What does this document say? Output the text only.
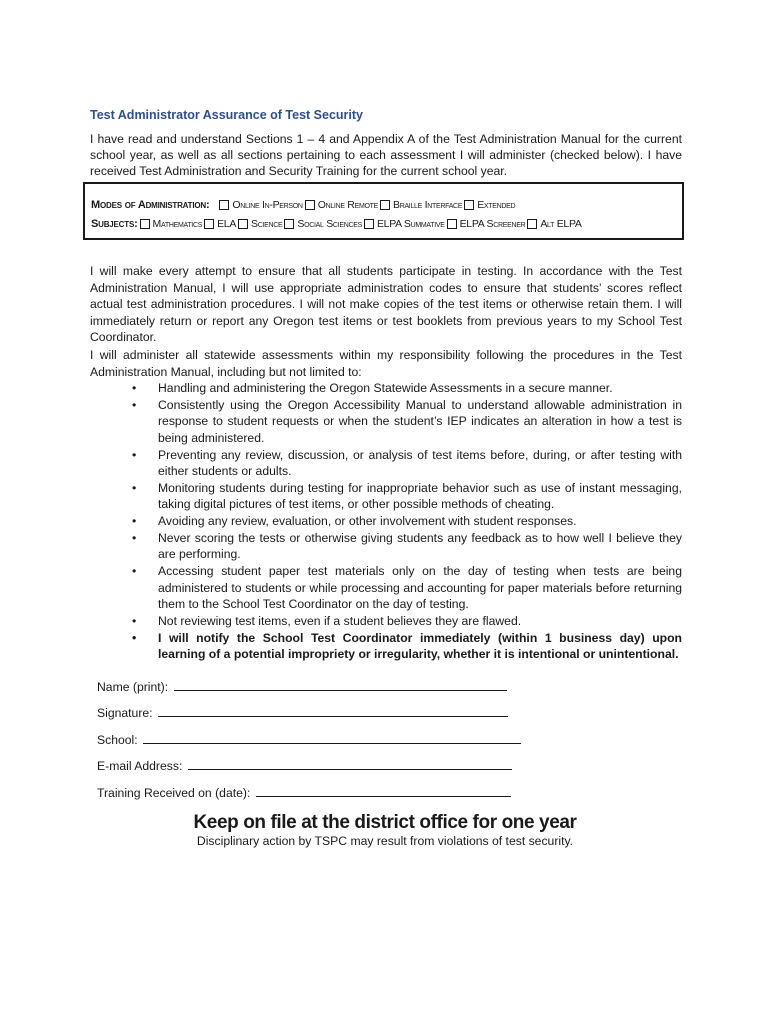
Test Administrator Assurance of Test Security

I have read and understand Sections 1 – 4 and Appendix A of the Test Administration Manual for the current school year, as well as all sections pertaining to each assessment I will administer (checked below). I have received Test Administration and Security Training for the current school year.

Modes of Administration: Online In-Person Online Remote Braille Interface Extended
Subjects: Mathematics ELA Science Social Sciences ELPA Summative ELPA Screener Alt ELPA

I will make every attempt to ensure that all students participate in testing. In accordance with the Test Administration Manual, I will use appropriate administration codes to ensure that students’ scores reflect actual test administration procedures. I will not make copies of the test items or otherwise retain them. I will immediately return or report any Oregon test items or test booklets from previous years to my School Test Coordinator.

I will administer all statewide assessments within my responsibility following the procedures in the Test Administration Manual, including but not limited to:

• Handling and administering the Oregon Statewide Assessments in a secure manner.
• Consistently using the Oregon Accessibility Manual to understand allowable administration in response to student requests or when the student’s IEP indicates an alteration in how a test is being administered.
• Preventing any review, discussion, or analysis of test items before, during, or after testing with either students or adults.
• Monitoring students during testing for inappropriate behavior such as use of instant messaging, taking digital pictures of test items, or other possible methods of cheating.
• Avoiding any review, evaluation, or other involvement with student responses.
• Never scoring the tests or otherwise giving students any feedback as to how well I believe they are performing.
• Accessing student paper test materials only on the day of testing when tests are being administered to students or while processing and accounting for paper materials before returning them to the School Test Coordinator on the day of testing.
• Not reviewing test items, even if a student believes they are flawed.
• I will notify the School Test Coordinator immediately (within 1 business day) upon learning of a potential impropriety or irregularity, whether it is intentional or unintentional.
Name (print):
Signature:
School:
E-mail Address:
Training Received on (date):
Keep on file at the district office for one year

Disciplinary action by TSPC may result from violations of test security.
